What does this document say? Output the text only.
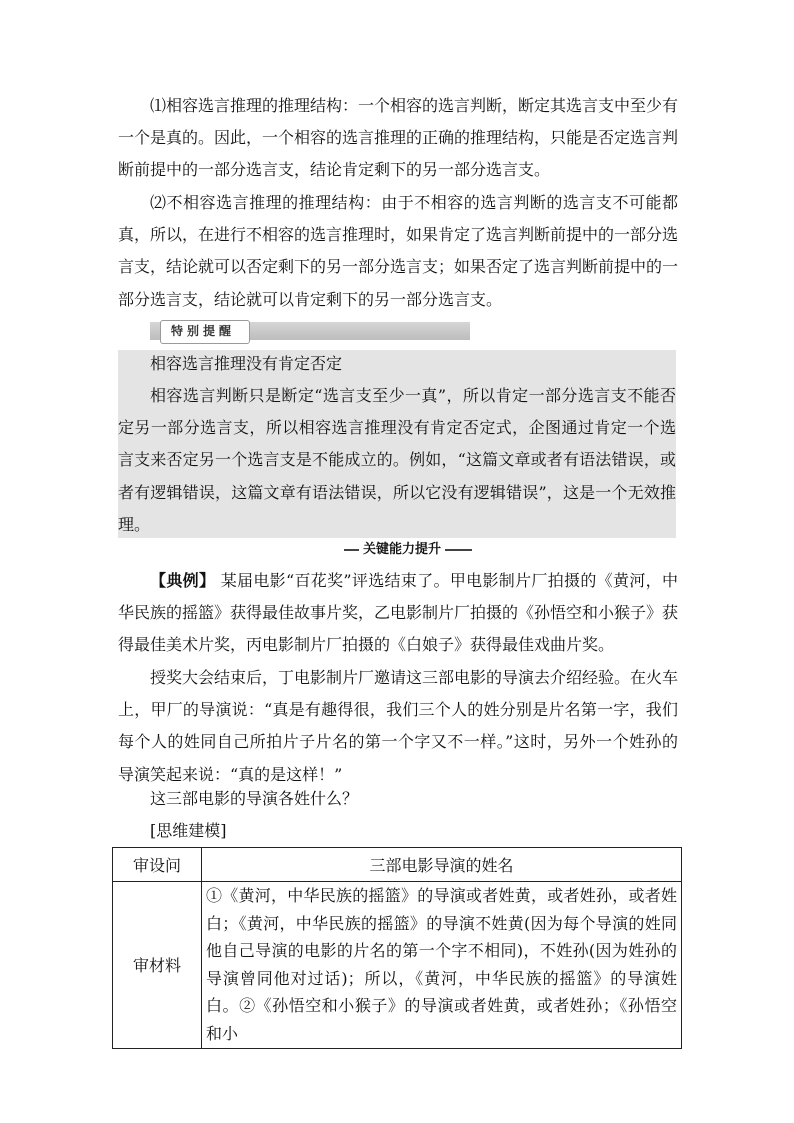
⑴相容选言推理的推理结构：一个相容的选言判断，断定其选言支中至少有一个是真的。因此，一个相容的选言推理的正确的推理结构，只能是否定选言判断前提中的一部分选言支，结论肯定剩下的另一部分选言支。

⑵不相容选言推理的推理结构：由于不相容的选言判断的选言支不可能都真，所以，在进行不相容的选言推理时，如果肯定了选言判断前提中的一部分选言支，结论就可以否定剩下的另一部分选言支；如果否定了选言判断前提中的一部分选言支，结论就可以肯定剩下的另一部分选言支。

特别提醒

相容选言推理没有肯定否定

相容选言判断只是断定“选言支至少一真”，所以肯定一部分选言支不能否定另一部分选言支，所以相容选言推理没有肯定否定式，企图通过肯定一个选言支来否定另一个选言支是不能成立的。例如，“这篇文章或者有语法错误，或者有逻辑错误，这篇文章有语法错误，所以它没有逻辑错误”，这是一个无效推理。

关键能力提升

【典例】 某届电影“百花奖”评选结束了。甲电影制片厂拍摄的《黄河，中华民族的摇篮》获得最佳故事片奖，乙电影制片厂拍摄的《孙悟空和小猴子》获得最佳美术片奖，丙电影制片厂拍摄的《白娘子》获得最佳戏曲片奖。

授奖大会结束后，丁电影制片厂邀请这三部电影的导演去介绍经验。在火车上，甲厂的导演说：“真是有趣得很，我们三个人的姓分别是片名第一字，我们每个人的姓同自己所拍片子片名的第一个字又不一样。”这时，另外一个姓孙的导演笑起来说：“真的是这样！”

这三部电影的导演各姓什么？

[思维建模]

审设问	三部电影导演的姓名
审材料	①《黄河，中华民族的摇篮》的导演或者姓黄，或者姓孙，或者姓白；《黄河，中华民族的摇篮》的导演不姓黄(因为每个导演的姓同他自己导演的电影的片名的第一个字不相同)，不姓孙(因为姓孙的导演曾同他对过话)；所以，《黄河，中华民族的摇篮》的导演姓白。②《孙悟空和小猴子》的导演或者姓黄，或者姓孙；《孙悟空和小
